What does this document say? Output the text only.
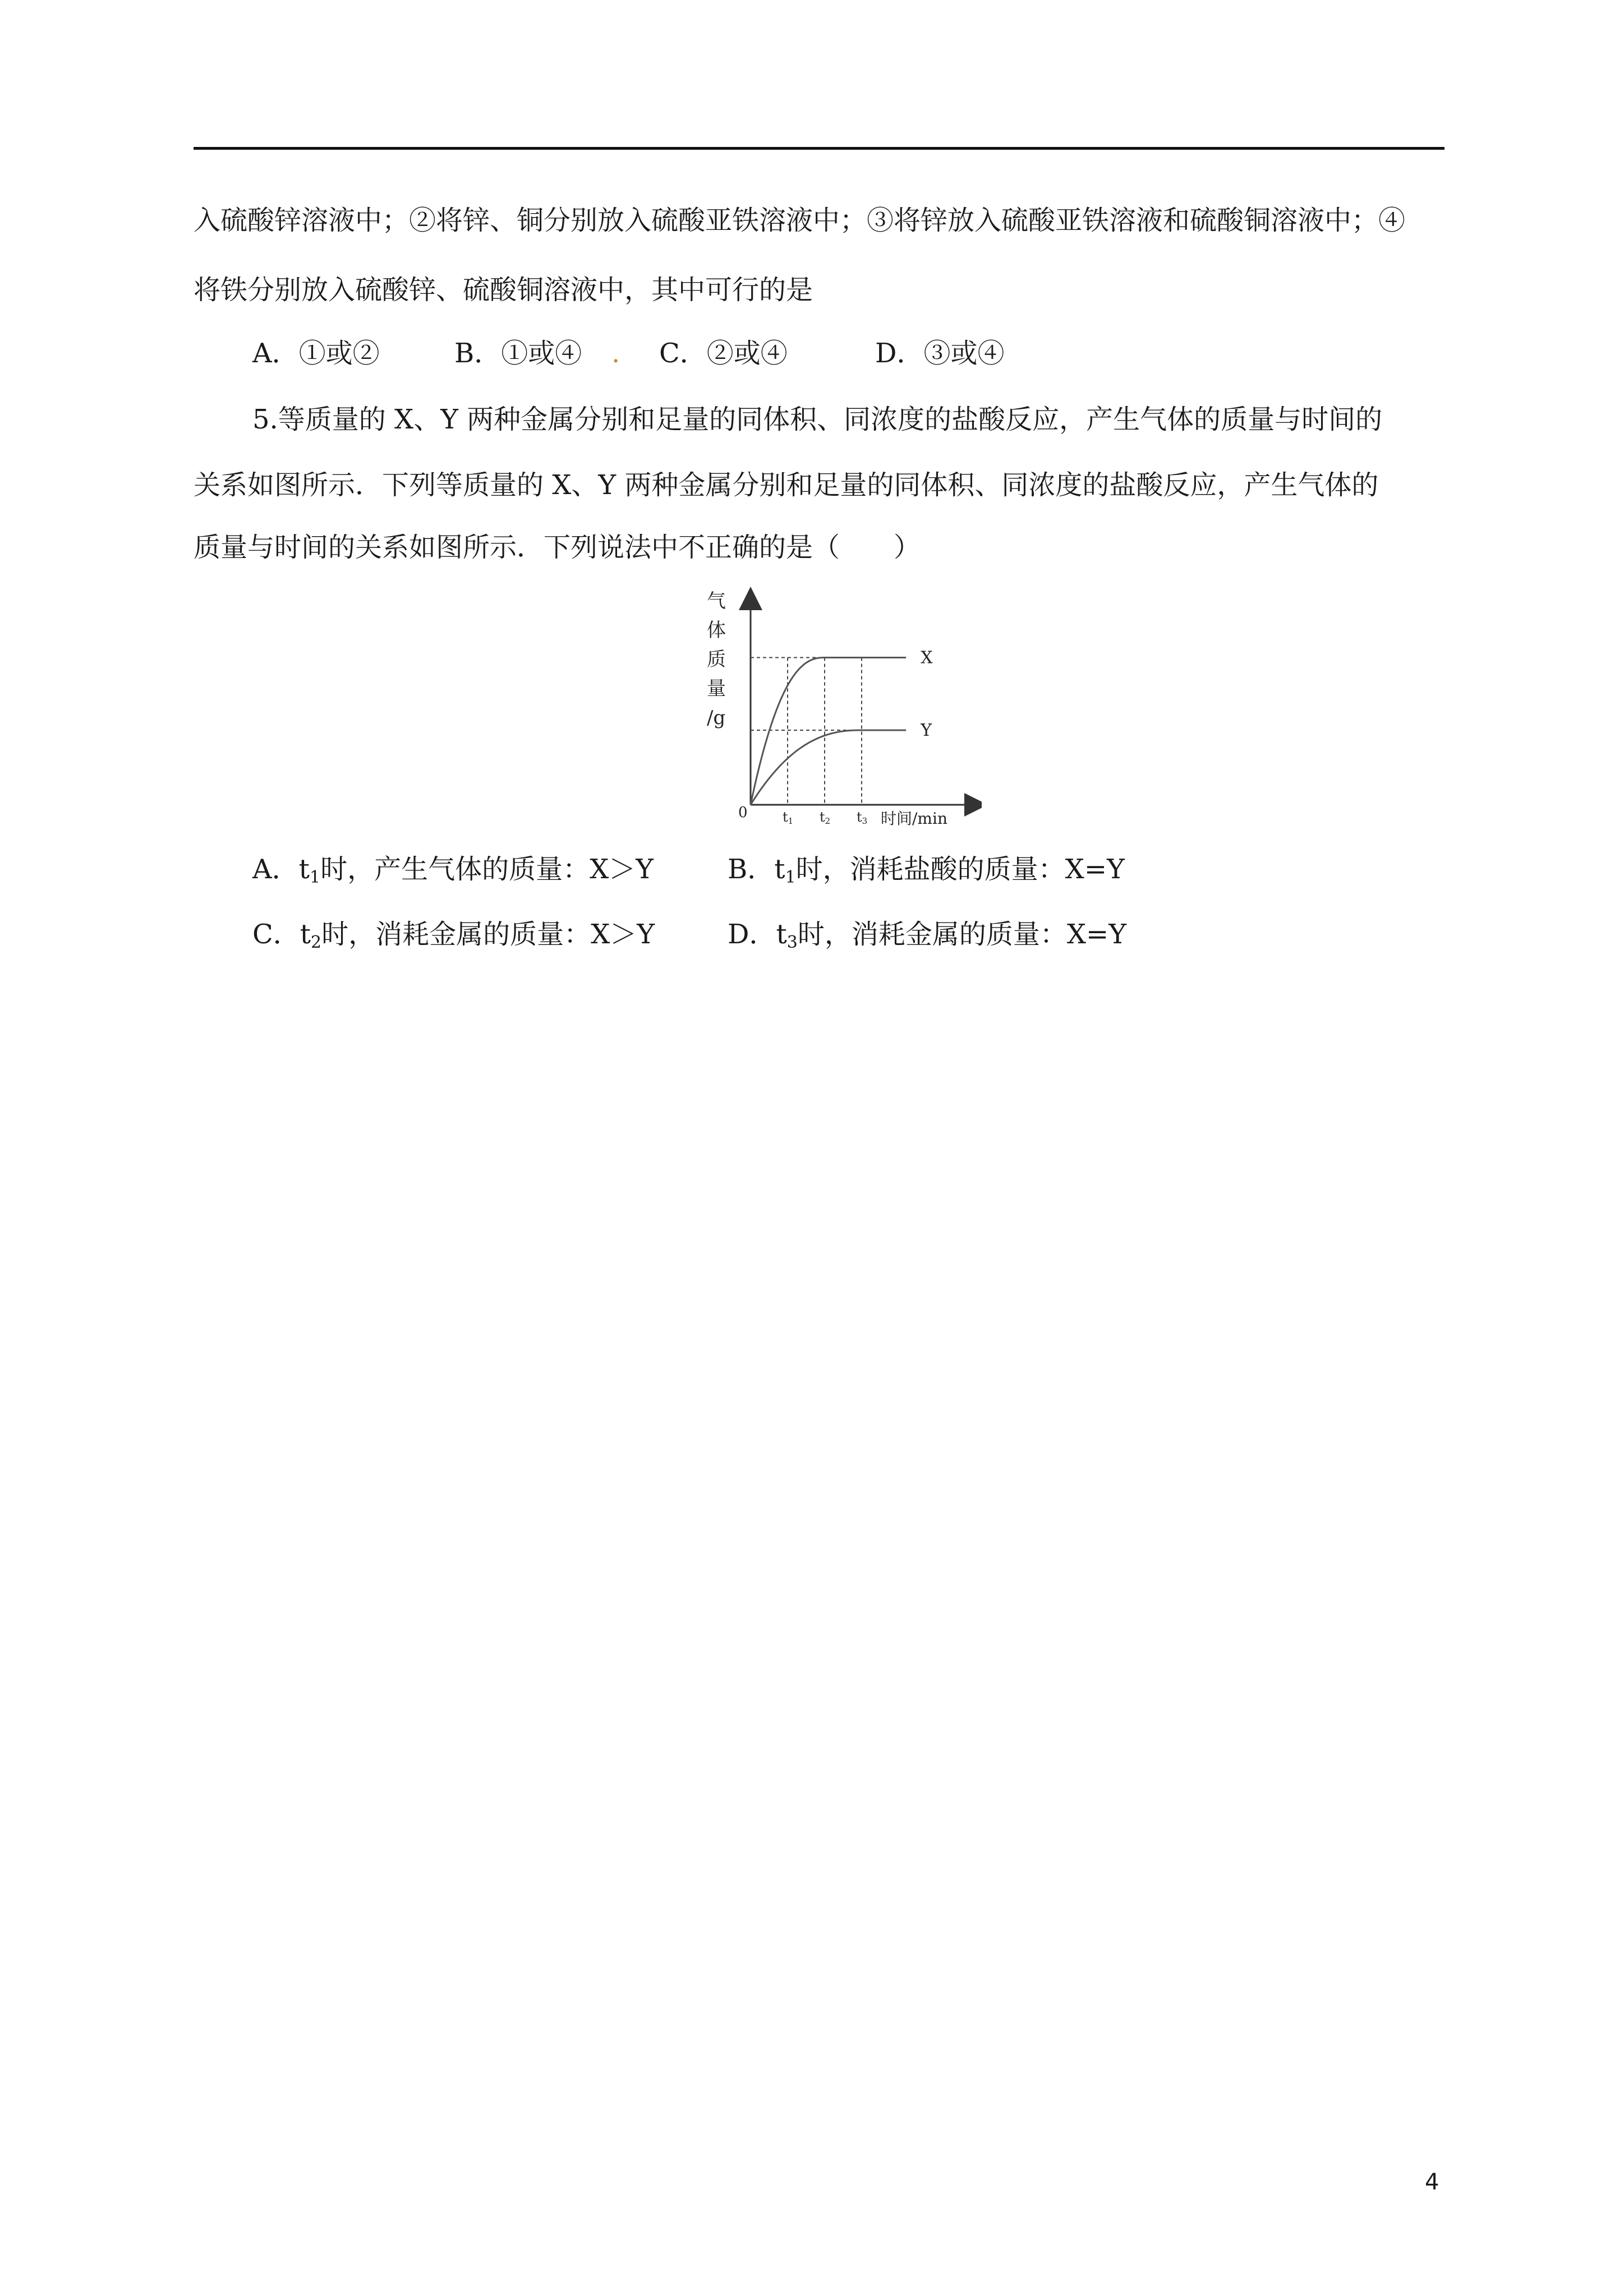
入硫酸锌溶液中；②将锌、铜分别放入硫酸亚铁溶液中；③将锌放入硫酸亚铁溶液和硫酸铜溶液中；④
将铁分别放入硫酸锌、硫酸铜溶液中，其中可行的是
A．①或②	B．①或④ . C．②或④	D．③或④
5.等质量的 X、Y 两种金属分别和足量的同体积、同浓度的盐酸反应，产生气体的质量与时间的
关系如图所示．下列等质量的 X、Y 两种金属分别和足量的同体积、同浓度的盐酸反应，产生气体的
质量与时间的关系如图所示．下列说法中不正确的是（　　）
气
体
质
量
/g
X
Y
t1 t2 t3
0	时间/min
A．$t_1$时，产生气体的质量：X＞Y	B．$t_1$时，消耗盐酸的质量：X=Y
C．$t_2$时，消耗金属的质量：X＞Y	D．$t_3$时，消耗金属的质量：X=Y
4
